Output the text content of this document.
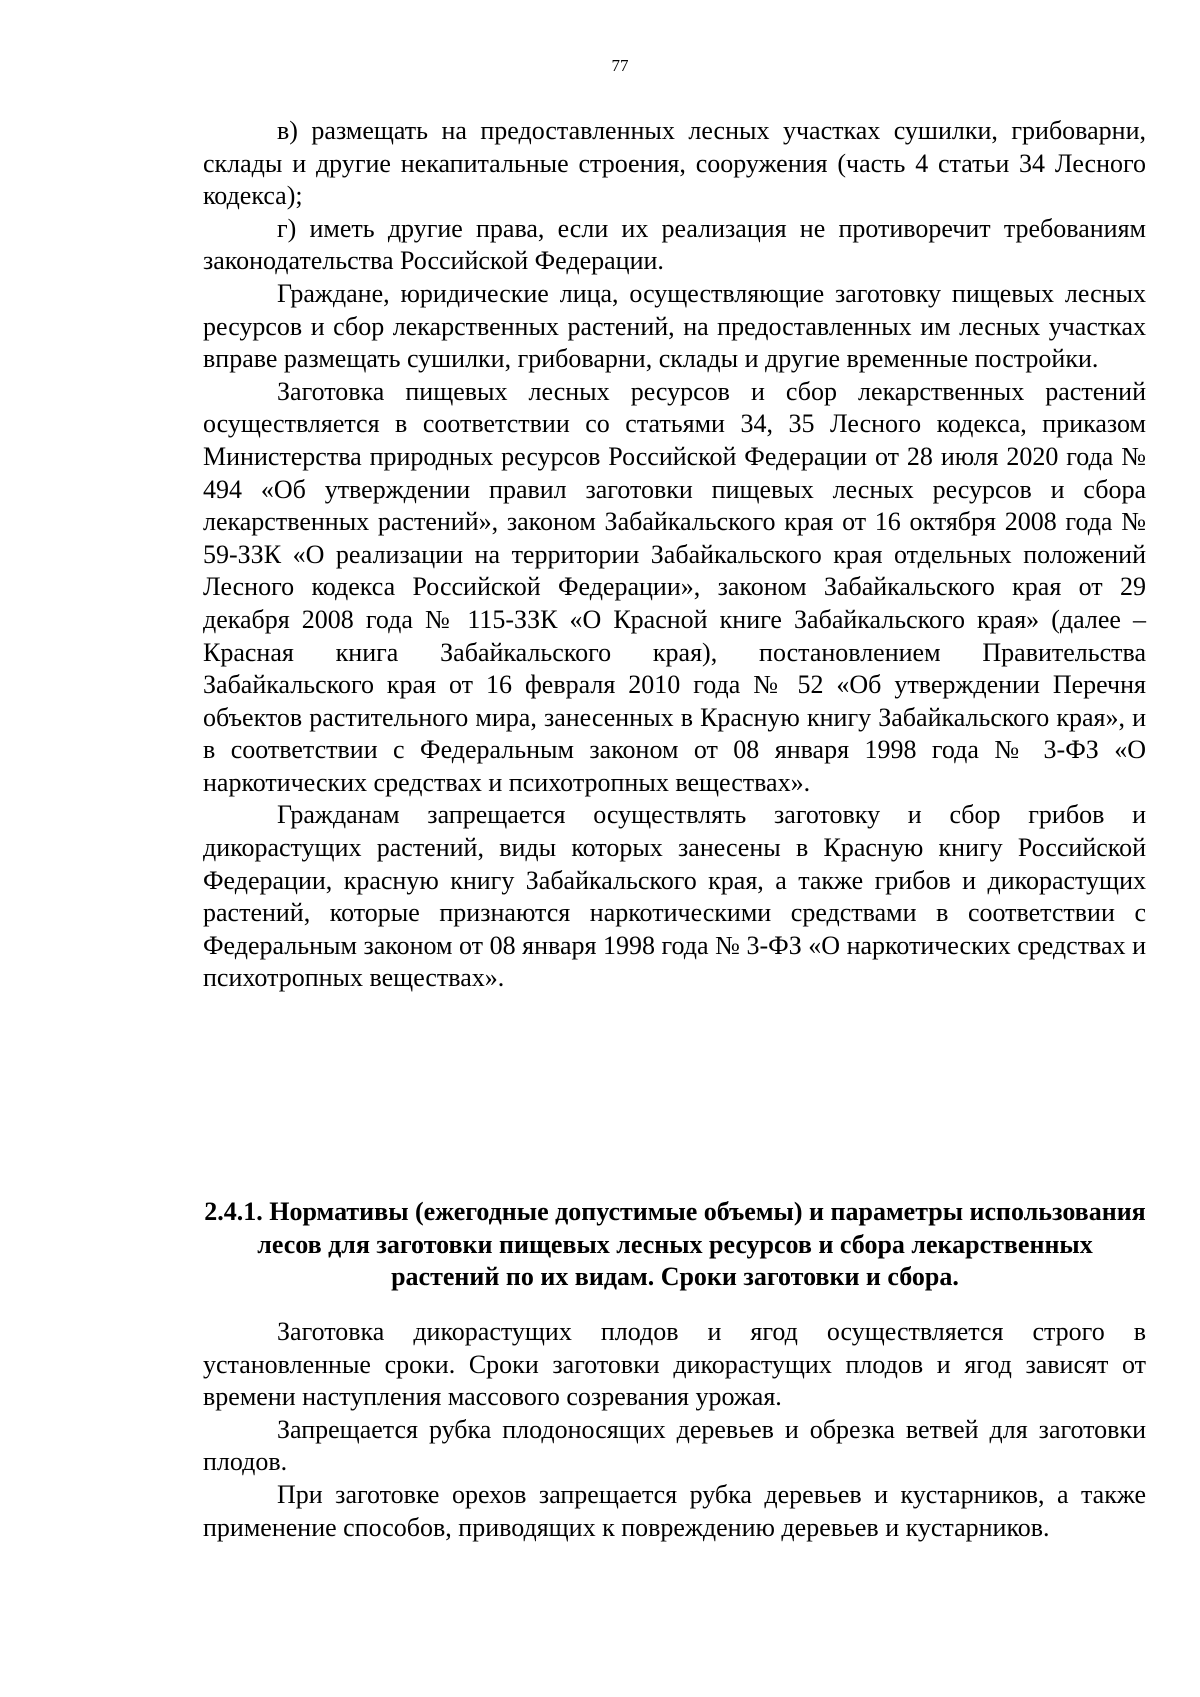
77

в) размещать на предоставленных лесных участках сушилки, грибоварни, склады и другие некапитальные строения, сооружения (часть 4 статьи 34 Лесного кодекса);

г) иметь другие права, если их реализация не противоречит требованиям законодательства Российской Федерации.

Граждане, юридические лица, осуществляющие заготовку пищевых лесных ресурсов и сбор лекарственных растений, на предоставленных им лесных участках вправе размещать сушилки, грибоварни, склады и другие временные постройки.

Заготовка пищевых лесных ресурсов и сбор лекарственных растений осуществляется в соответствии со статьями 34, 35 Лесного кодекса, приказом Министерства природных ресурсов Российской Федерации от 28 июля 2020 года № 494 «Об утверждении правил заготовки пищевых лесных ресурсов и сбора лекарственных растений», законом Забайкальского края от 16 октября 2008 года № 59-ЗЗК «О реализации на территории Забайкальского края отдельных положений Лесного кодекса Российской Федерации», законом Забайкальского края от 29 декабря 2008 года № 115-ЗЗК «О Красной книге Забайкальского края» (далее – Красная книга Забайкальского края), постановлением Правительства Забайкальского края от 16 февраля 2010 года № 52 «Об утверждении Перечня объектов растительного мира, занесенных в Красную книгу Забайкальского края», и в соответствии с Федеральным законом от 08 января 1998 года № 3-ФЗ «О наркотических средствах и психотропных веществах».

Гражданам запрещается осуществлять заготовку и сбор грибов и дикорастущих растений, виды которых занесены в Красную книгу Российской Федерации, красную книгу Забайкальского края, а также грибов и дикорастущих растений, которые признаются наркотическими средствами в соответствии с Федеральным законом от 08 января 1998 года № 3-ФЗ «О наркотических средствах и психотропных веществах».

2.4.1. Нормативы (ежегодные допустимые объемы) и параметры использования лесов для заготовки пищевых лесных ресурсов и сбора лекарственных растений по их видам. Сроки заготовки и сбора.

Заготовка дикорастущих плодов и ягод осуществляется строго в установленные сроки. Сроки заготовки дикорастущих плодов и ягод зависят от времени наступления массового созревания урожая.

Запрещается рубка плодоносящих деревьев и обрезка ветвей для заготовки плодов.

При заготовке орехов запрещается рубка деревьев и кустарников, а также применение способов, приводящих к повреждению деревьев и кустарников.
